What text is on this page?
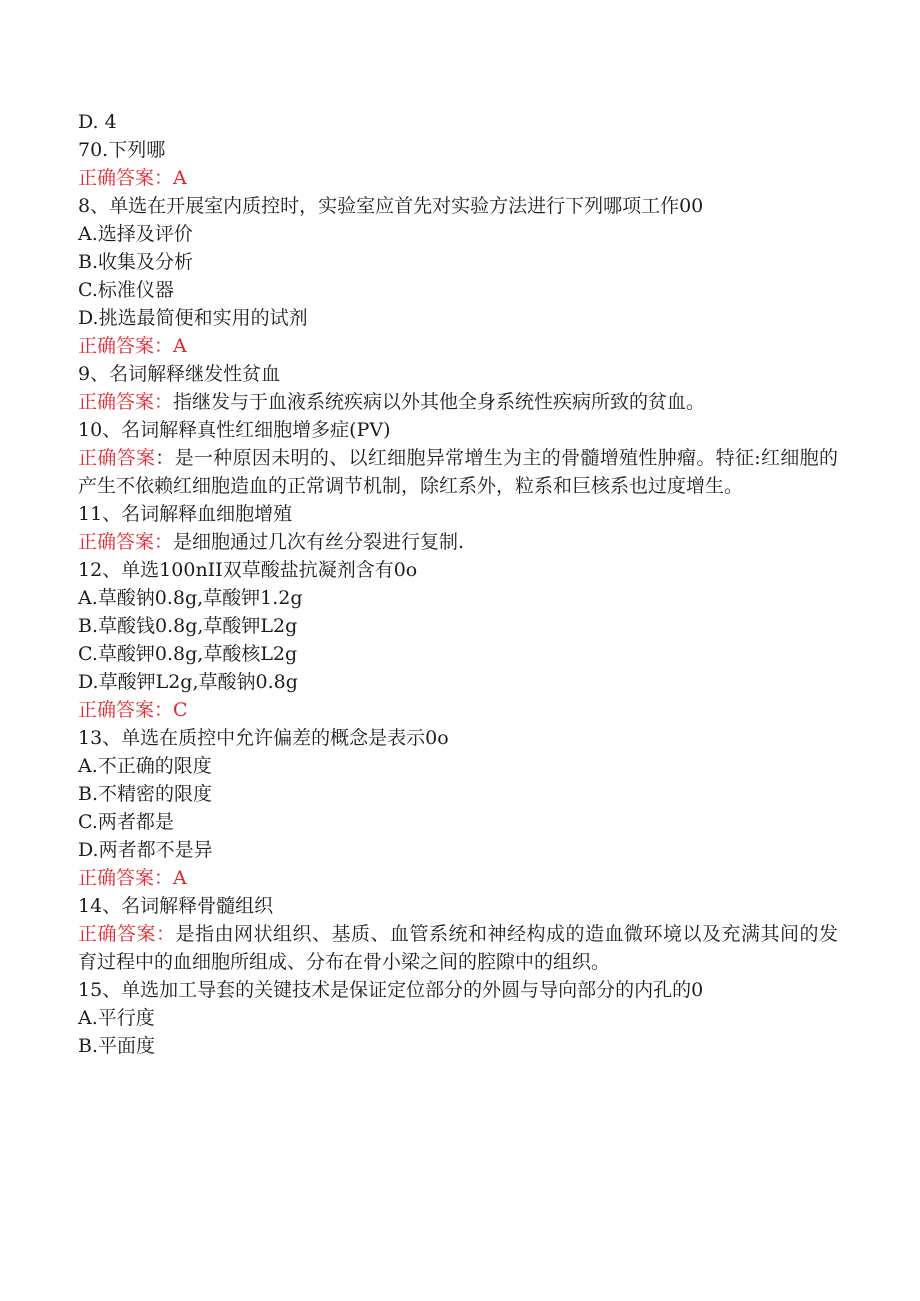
D. 4
70.下列哪
正确答案：A
8、单选在开展室内质控时，实验室应首先对实验方法进行下列哪项工作00
A.选择及评价
B.收集及分析
C.标准仪器
D.挑选最简便和实用的试剂
正确答案：A
9、名词解释继发性贫血
正确答案：指继发与于血液系统疾病以外其他全身系统性疾病所致的贫血。
10、名词解释真性红细胞增多症(PV)
正确答案：是一种原因未明的、以红细胞异常增生为主的骨髓增殖性肿瘤。特征:红细胞的产生不依赖红细胞造血的正常调节机制，除红系外，粒系和巨核系也过度增生。
11、名词解释血细胞增殖
正确答案：是细胞通过几次有丝分裂进行复制.
12、单选100nII双草酸盐抗凝剂含有0o
A.草酸钠0.8g,草酸钾1.2g
B.草酸钱0.8g,草酸钾L2g
C.草酸钾0.8g,草酸核L2g
D.草酸钾L2g,草酸钠0.8g
正确答案：C
13、单选在质控中允许偏差的概念是表示0o
A.不正确的限度
B.不精密的限度
C.两者都是
D.两者都不是异
正确答案：A
14、名词解释骨髓组织
正确答案：是指由网状组织、基质、血管系统和神经构成的造血微环境以及充满其间的发育过程中的血细胞所组成、分布在骨小梁之间的腔隙中的组织。
15、单选加工导套的关键技术是保证定位部分的外圆与导向部分的内孔的0
A.平行度
B.平面度
